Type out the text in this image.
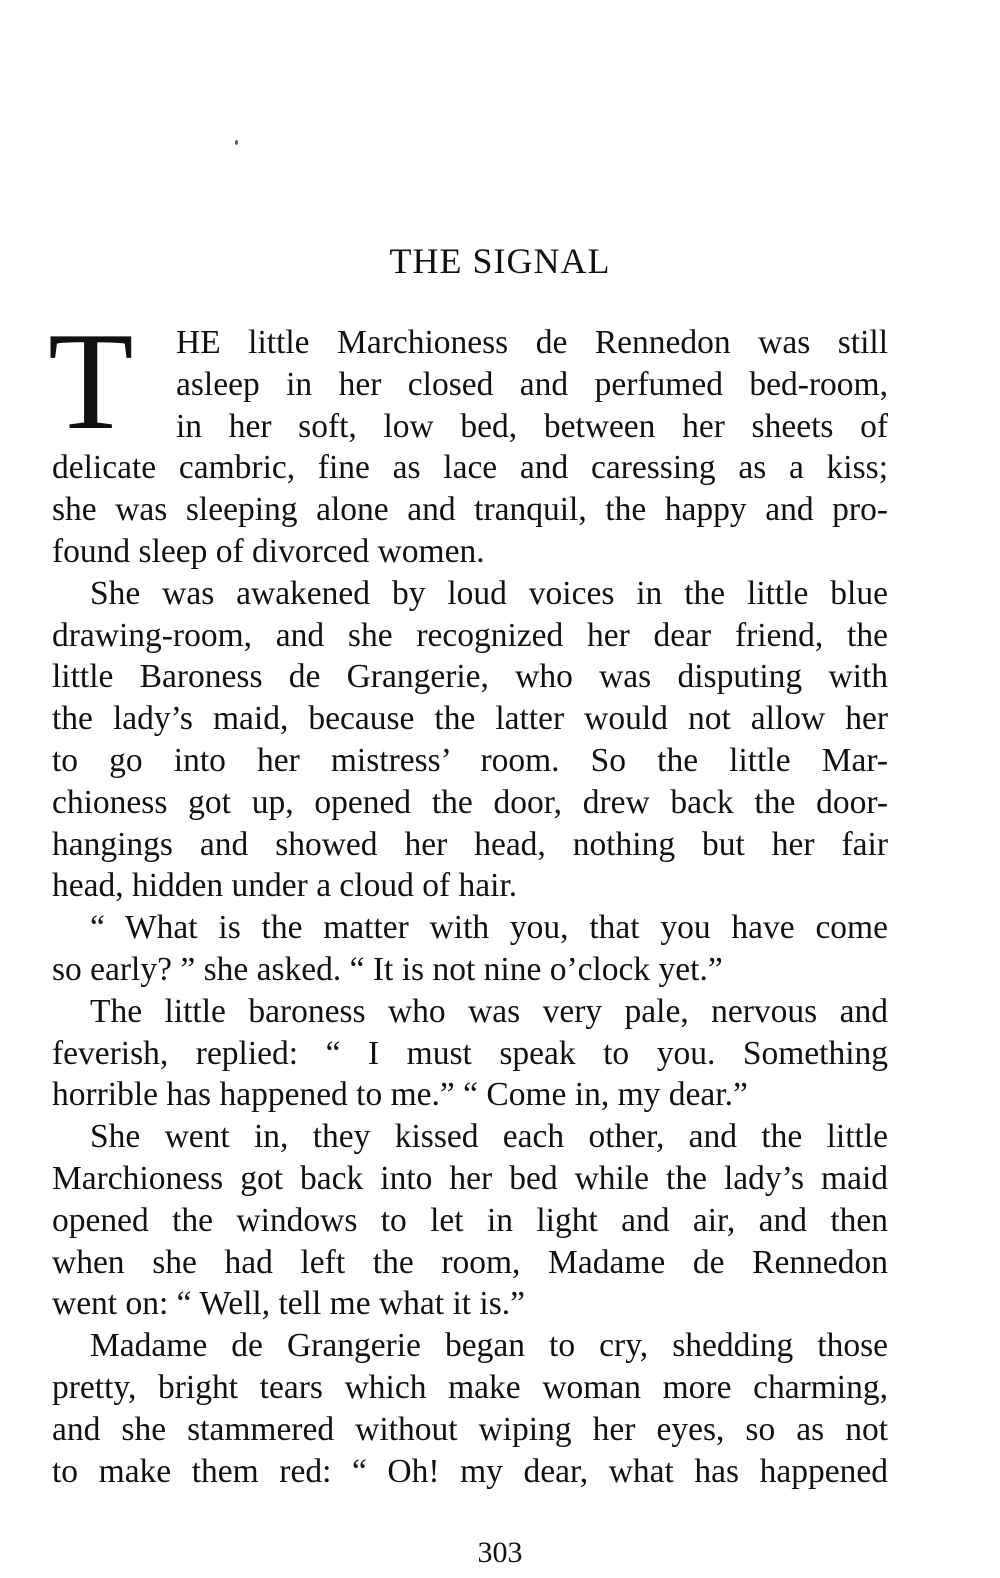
THE SIGNAL
T	HE little Marchioness de Rennedon was still
asleep in her closed and perfumed bed-room,
in her soft, low bed, between her sheets of
delicate cambric, fine as lace and caressing as a kiss;
she was sleeping alone and tranquil, the happy and pro-
found sleep of divorced women.
She was awakened by loud voices in the little blue
drawing-room, and she recognized her dear friend, the
little Baroness de Grangerie, who was disputing with
the lady’s maid, because the latter would not allow her
to go into her mistress’ room. So the little Mar-
chioness got up, opened the door, drew back the door-
hangings and showed her head, nothing but her fair
head, hidden under a cloud of hair.
“ What is the matter with you, that you have come
so early? ” she asked. “ It is not nine o’clock yet.”
The little baroness who was very pale, nervous and
feverish, replied: “ I must speak to you. Something
horrible has happened to me.” “ Come in, my dear.”
She went in, they kissed each other, and the little
Marchioness got back into her bed while the lady’s maid
opened the windows to let in light and air, and then
when she had left the room, Madame de Rennedon
went on: “ Well, tell me what it is.”
Madame de Grangerie began to cry, shedding those
pretty, bright tears which make woman more charming,
and she stammered without wiping her eyes, so as not
to make them red: “ Oh! my dear, what has happened
303
